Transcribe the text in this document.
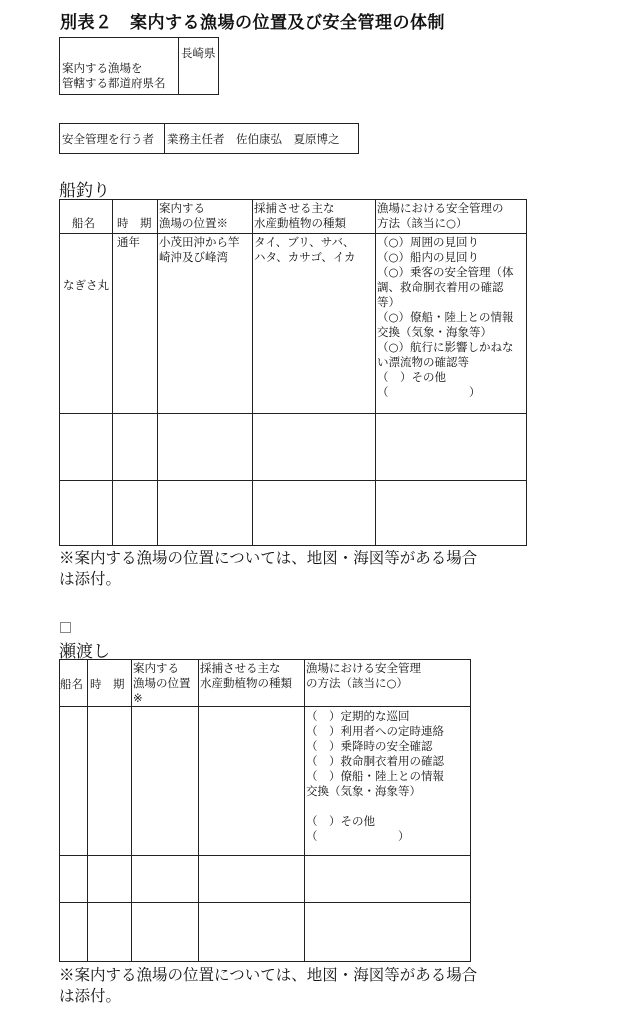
別表２　案内する漁場の位置及び安全管理の体制

案内する漁場を
管轄する都道府県名

長崎県
安全管理を行う者	業務主任者　佐伯康弘　夏原博之
船釣り
船名 時　期
案内する
漁場の位置※
採捕させる主な
水産動植物の種類
漁場における安全管理の
方法（該当に○）
なぎさ丸
通年 小茂田沖から竿
崎沖及び峰湾
タイ、ブリ、サバ、
ハタ、カサゴ、イカ
（○）周囲の見回り
（○）船内の見回り
（○）乗客の安全管理（体
調、救命胴衣着用の確認
等）
（○）僚船・陸上との情報
交換（気象・海象等）
（○）航行に影響しかねな
い漂流物の確認等
（　）その他
（　　　　　　　）
※案内する漁場の位置については、地図・海図等がある場合
は添付。
瀬渡し
船名 時　期
案内する
漁場の位置
※
採捕させる主な
水産動植物の種類
漁場における安全管理
の方法（該当に○）
（　）定期的な巡回
（　）利用者への定時連絡
（　）乗降時の安全確認
（　）救命胴衣着用の確認
（　）僚船・陸上との情報
交換（気象・海象等）

（　）その他
（　　　　　　　）
※案内する漁場の位置については、地図・海図等がある場合
は添付。
